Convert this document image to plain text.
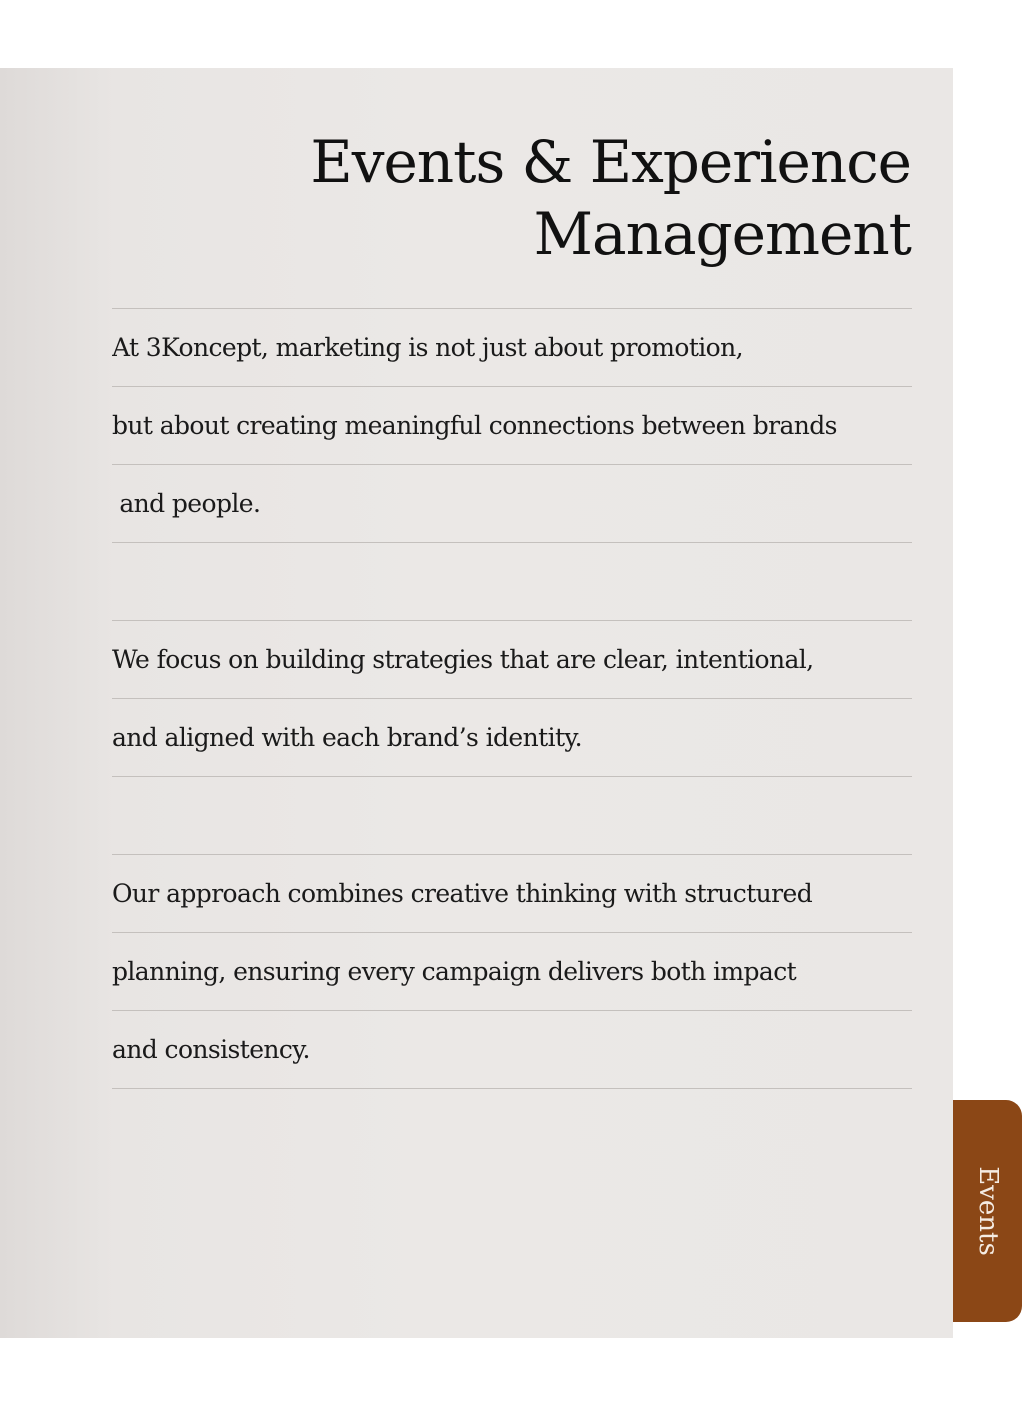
Events & Experience
Management
At 3Koncept, marketing is not just about promotion,
but about creating meaningful connections between brands
and people.
We focus on building strategies that are clear, intentional,
and aligned with each brand’s identity.
Our approach combines creative thinking with structured
planning, ensuring every campaign delivers both impact
and consistency.
Events
